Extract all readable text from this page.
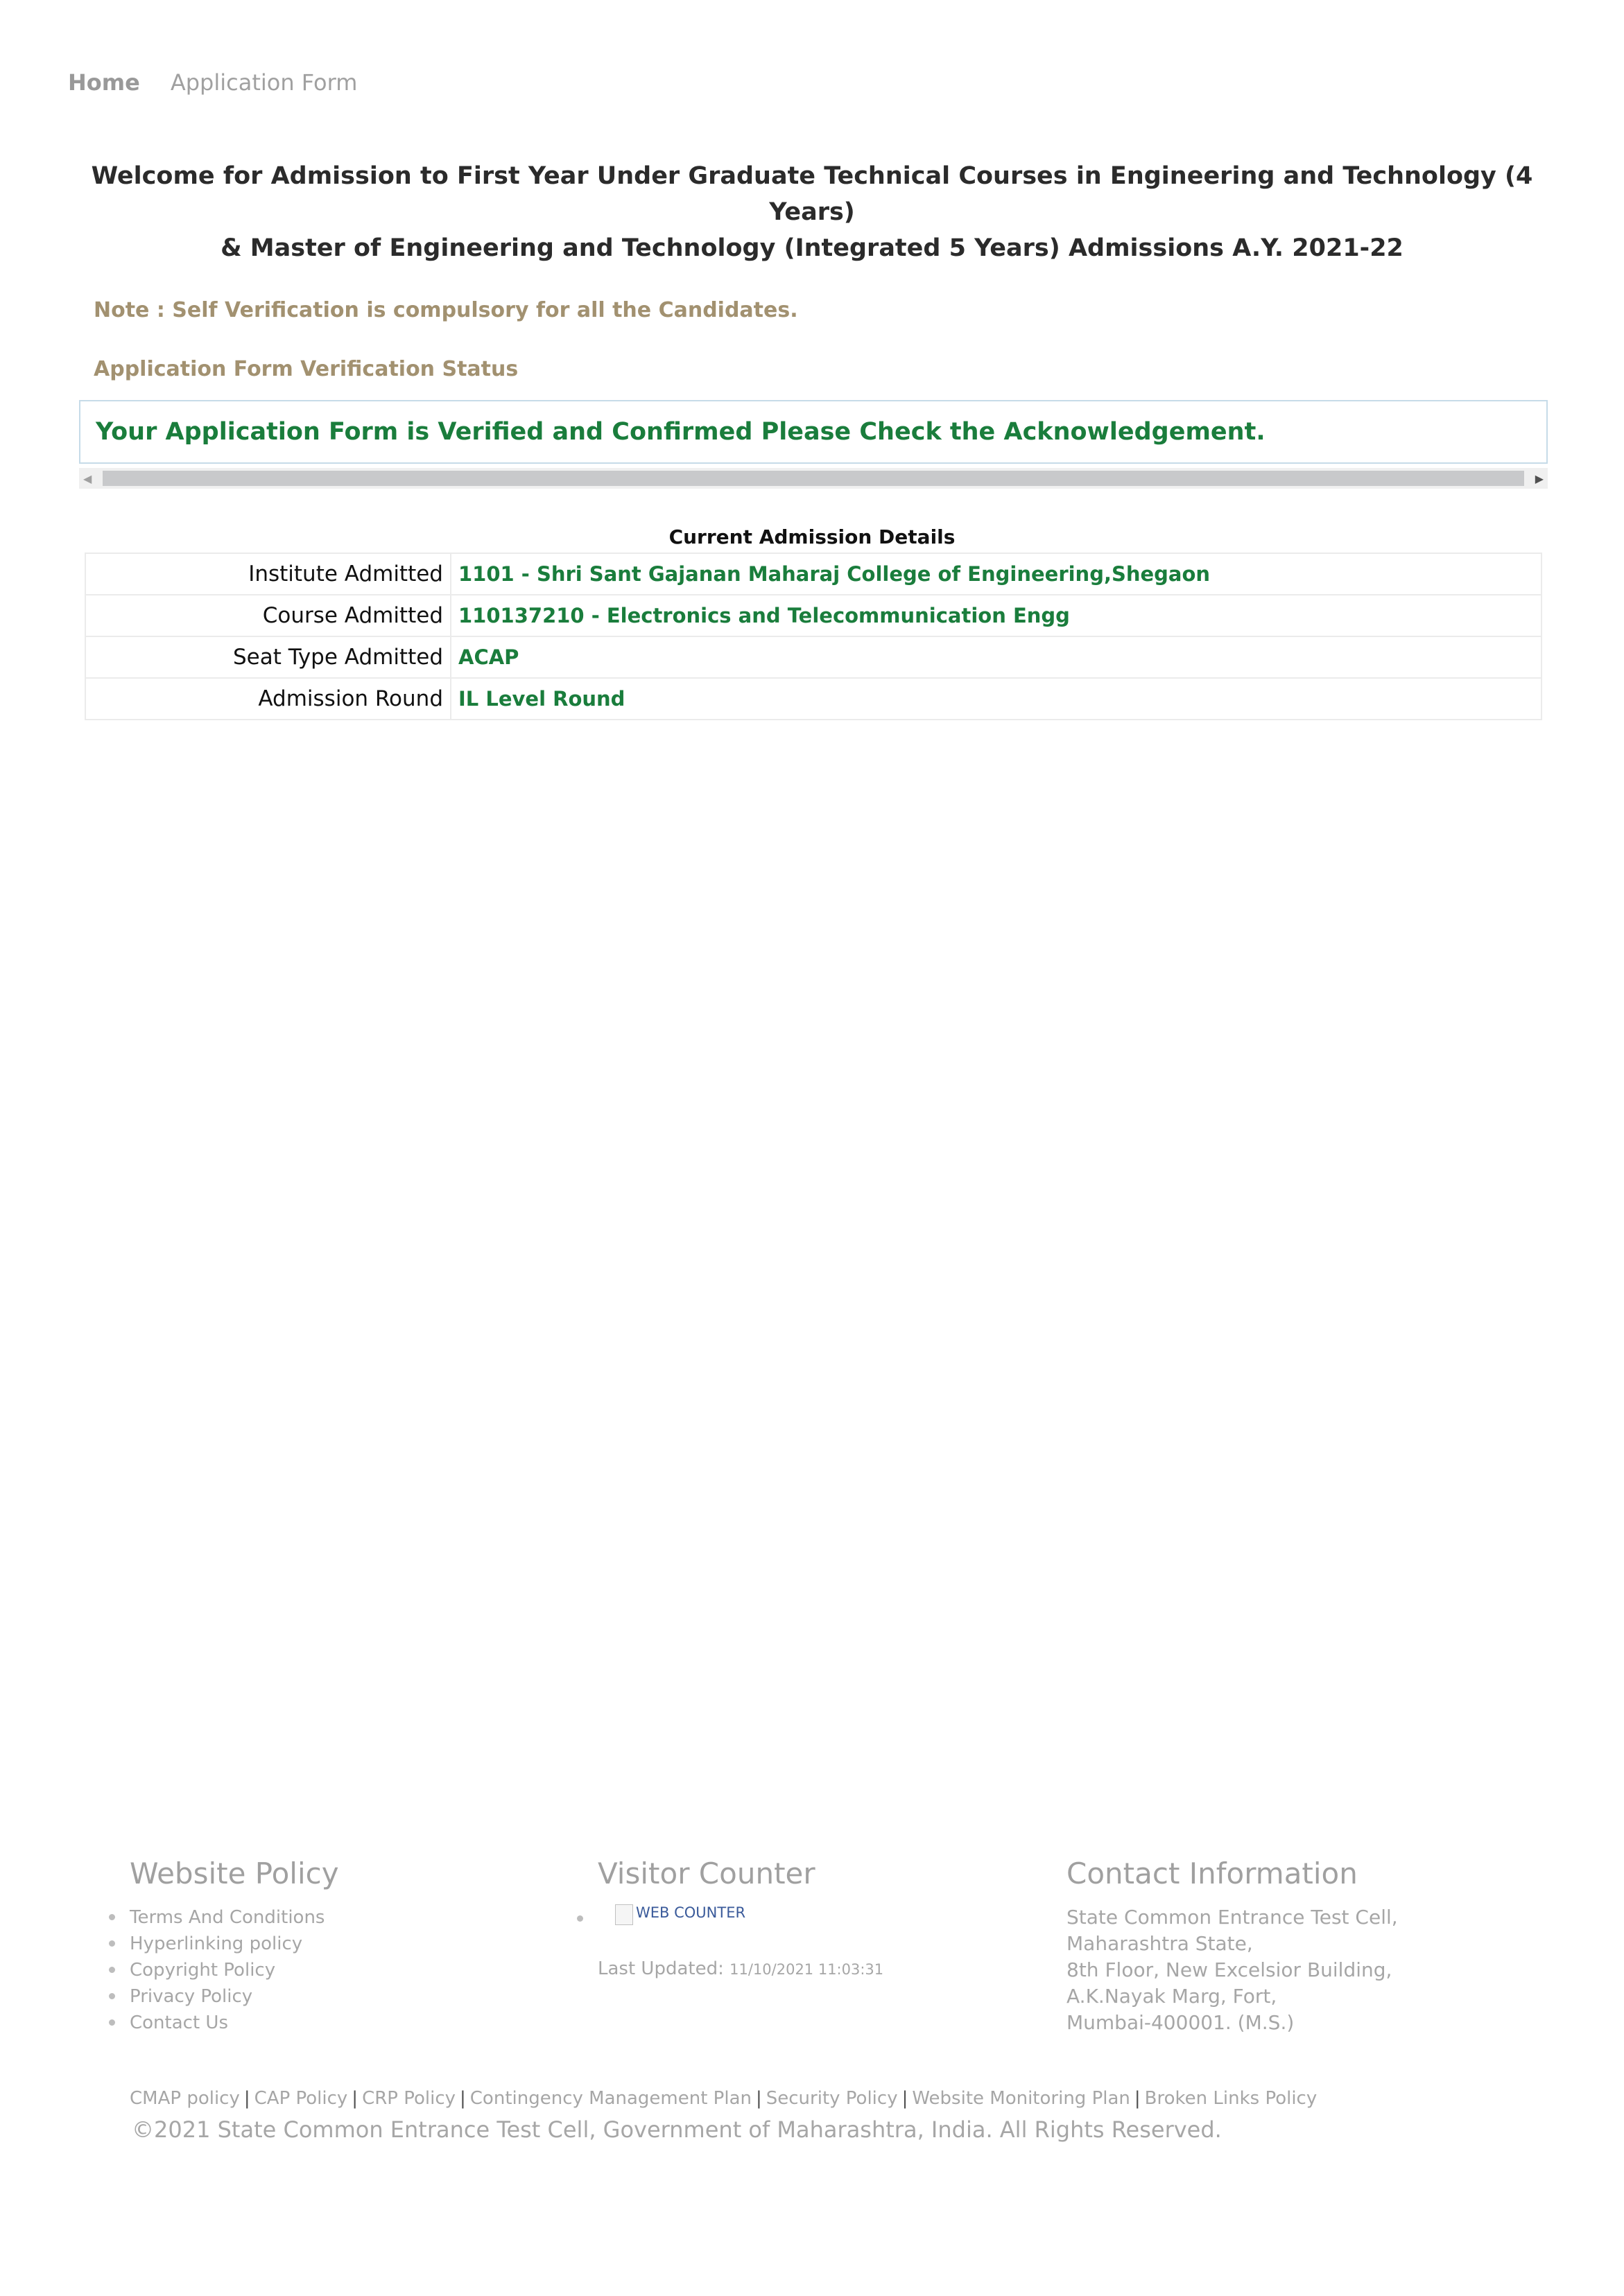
Home Application Form
Welcome for Admission to First Year Under Graduate Technical Courses in Engineering and Technology (4 Years)
& Master of Engineering and Technology (Integrated 5 Years) Admissions A.Y. 2021-22
Note : Self Verification is compulsory for all the Candidates.
Application Form Verification Status
Your Application Form is Verified and Confirmed Please Check the Acknowledgement.
◀	▶
Current Admission Details
Institute Admitted	1101 - Shri Sant Gajanan Maharaj College of Engineering,Shegaon
Course Admitted	110137210 - Electronics and Telecommunication Engg
Seat Type Admitted	ACAP
Admission Round	IL Level Round
Website Policy
Terms And Conditions
Hyperlinking policy
Copyright Policy
Privacy Policy
Contact Us
Visitor Counter
WEB COUNTER
Last Updated: 11/10/2021 11:03:31
Contact Information
State Common Entrance Test Cell,
Maharashtra State,
8th Floor, New Excelsior Building,
A.K.Nayak Marg, Fort,
Mumbai-400001. (M.S.)
CMAP policy | CAP Policy | CRP Policy | Contingency Management Plan | Security Policy | Website Monitoring Plan | Broken Links Policy
©2021 State Common Entrance Test Cell, Government of Maharashtra, India. All Rights Reserved.
